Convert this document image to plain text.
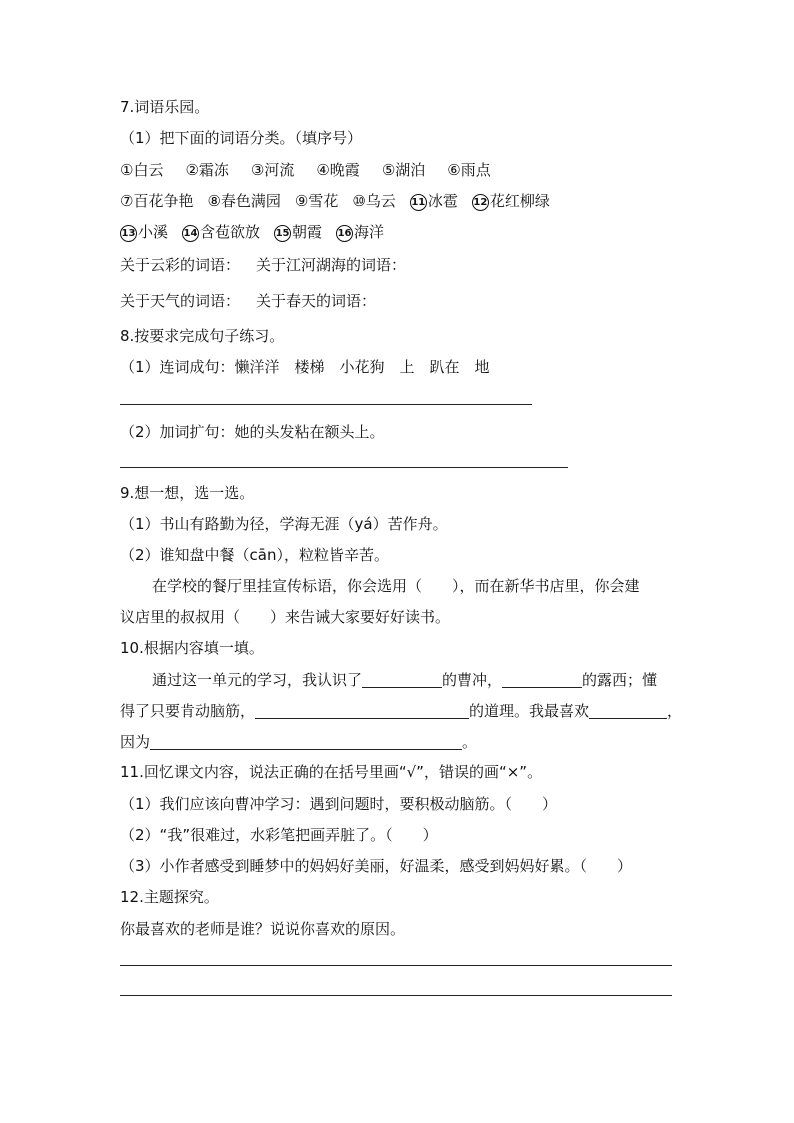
7.词语乐园。
（1）把下面的词语分类。（填序号）
①白云 ②霜冻 ③河流 ④晚霞 ⑤湖泊 ⑥雨点
⑦百花争艳 ⑧春色满园 ⑨雪花 ⑩乌云 11 冰雹 12 花红柳绿
13 小溪 14 含苞欲放 15 朝霞 16 海洋
关于云彩的词语： 关于江河湖海的词语：
关于天气的词语： 关于春天的词语：
8.按要求完成句子练习。
（1）连词成句：懒洋洋　楼梯　小花狗　上　趴在　地
（2）加词扩句：她的头发粘在额头上。
9.想一想，选一选。
（1）书山有路勤为径，学海无涯（yá）苦作舟。
（2）谁知盘中餐（cān），粒粒皆辛苦。
在学校的餐厅里挂宣传标语，你会选用（　　），而在新华书店里，你会建
议店里的叔叔用（　　）来告诫大家要好好读书。
10.根据内容填一填。
通过这一单元的学习，我认识了	的曹冲，	的露西；懂
得了只要肯动脑筋，	的道理。我最喜欢	，
因为	。
11.回忆课文内容，说法正确的在括号里画“√”，错误的画“×”。
（1）我们应该向曹冲学习：遇到问题时，要积极动脑筋。（　　）
（2）“我”很难过，水彩笔把画弄脏了。（　　）
（3）小作者感受到睡梦中的妈妈好美丽，好温柔，感受到妈妈好累。（　　）
12.主题探究。
你最喜欢的老师是谁？说说你喜欢的原因。
